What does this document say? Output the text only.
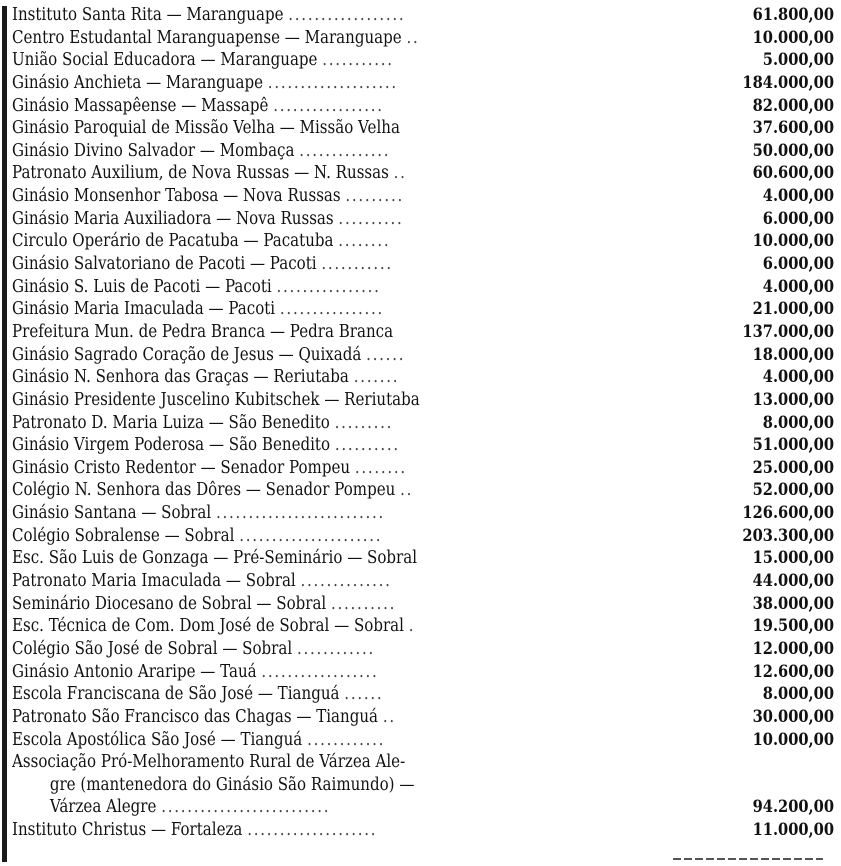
Instituto Santa Rita — Maranguape ..................	61.800,00
Centro Estudantal Maranguapense — Maranguape ..	10.000,00
União Social Educadora — Maranguape ...........	5.000,00
Ginásio Anchieta — Maranguape ....................	184.000,00
Ginásio Massapêense — Massapê .................	82.000,00
Ginásio Paroquial de Missão Velha — Missão Velha	37.600,00
Ginásio Divino Salvador — Mombaça ..............	50.000,00
Patronato Auxilium, de Nova Russas — N. Russas ..	60.600,00
Ginásio Monsenhor Tabosa — Nova Russas .........	4.000,00
Ginásio Maria Auxiliadora — Nova Russas ..........	6.000,00
Circulo Operário de Pacatuba — Pacatuba ........	10.000,00
Ginásio Salvatoriano de Pacoti — Pacoti ...........	6.000,00
Ginásio S. Luis de Pacoti — Pacoti ................	4.000,00
Ginásio Maria Imaculada — Pacoti ................	21.000,00
Prefeitura Mun. de Pedra Branca — Pedra Branca	137.000,00
Ginásio Sagrado Coração de Jesus — Quixadá ......	18.000,00
Ginásio N. Senhora das Graças — Reriutaba .......	4.000,00
Ginásio Presidente Juscelino Kubitschek — Reriutaba	13.000,00
Patronato D. Maria Luiza — São Benedito .........	8.000,00
Ginásio Virgem Poderosa — São Benedito ..........	51.000,00
Ginásio Cristo Redentor — Senador Pompeu ........	25.000,00
Colégio N. Senhora das Dôres — Senador Pompeu ..	52.000,00
Ginásio Santana — Sobral ..........................	126.600,00
Colégio Sobralense — Sobral ......................	203.300,00
Esc. São Luis de Gonzaga — Pré-Seminário — Sobral	15.000,00
Patronato Maria Imaculada — Sobral ..............	44.000,00
Seminário Diocesano de Sobral — Sobral ..........	38.000,00
Esc. Técnica de Com. Dom José de Sobral — Sobral .	19.500,00
Colégio São José de Sobral — Sobral ............	12.000,00
Ginásio Antonio Araripe — Tauá ..................	12.600,00
Escola Franciscana de São José — Tianguá ......	8.000,00
Patronato São Francisco das Chagas — Tianguá ..	30.000,00
Escola Apostólica São José — Tianguá ............	10.000,00
Associação Pró-Melhoramento Rural de Várzea Ale-
gre (mantenedora do Ginásio São Raimundo) —
Várzea Alegre ..........................	94.200,00
Instituto Christus — Fortaleza ....................	11.000,00
